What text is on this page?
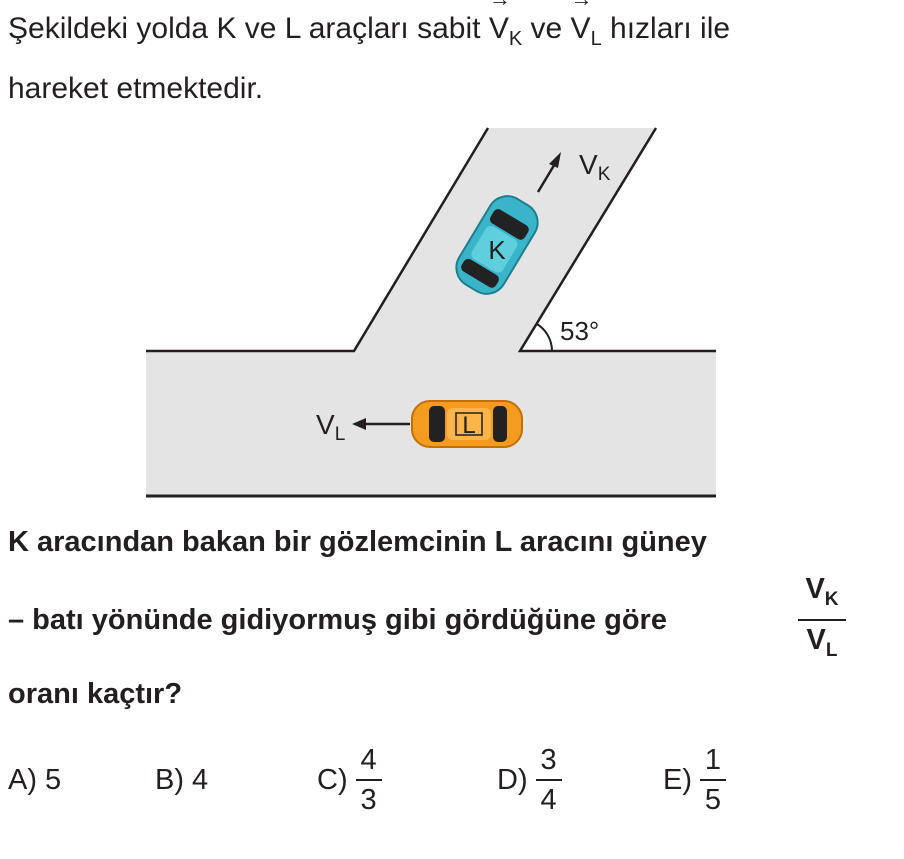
Şekildeki yolda K ve L araçları sabit $V_K$ ve $V_L$ hızları ile
hareket etmektedir.
53°
K
$V_K$
L
$V_L$
K aracından bakan bir gözlemcinin L aracını güney
– batı yönünde gidiyormuş gibi gördüğüne göre
$V_K$
$V_L$
oranı kaçtır?
A) 5	B) 4	C)
4
3
D)
3
4
E)
1
5
